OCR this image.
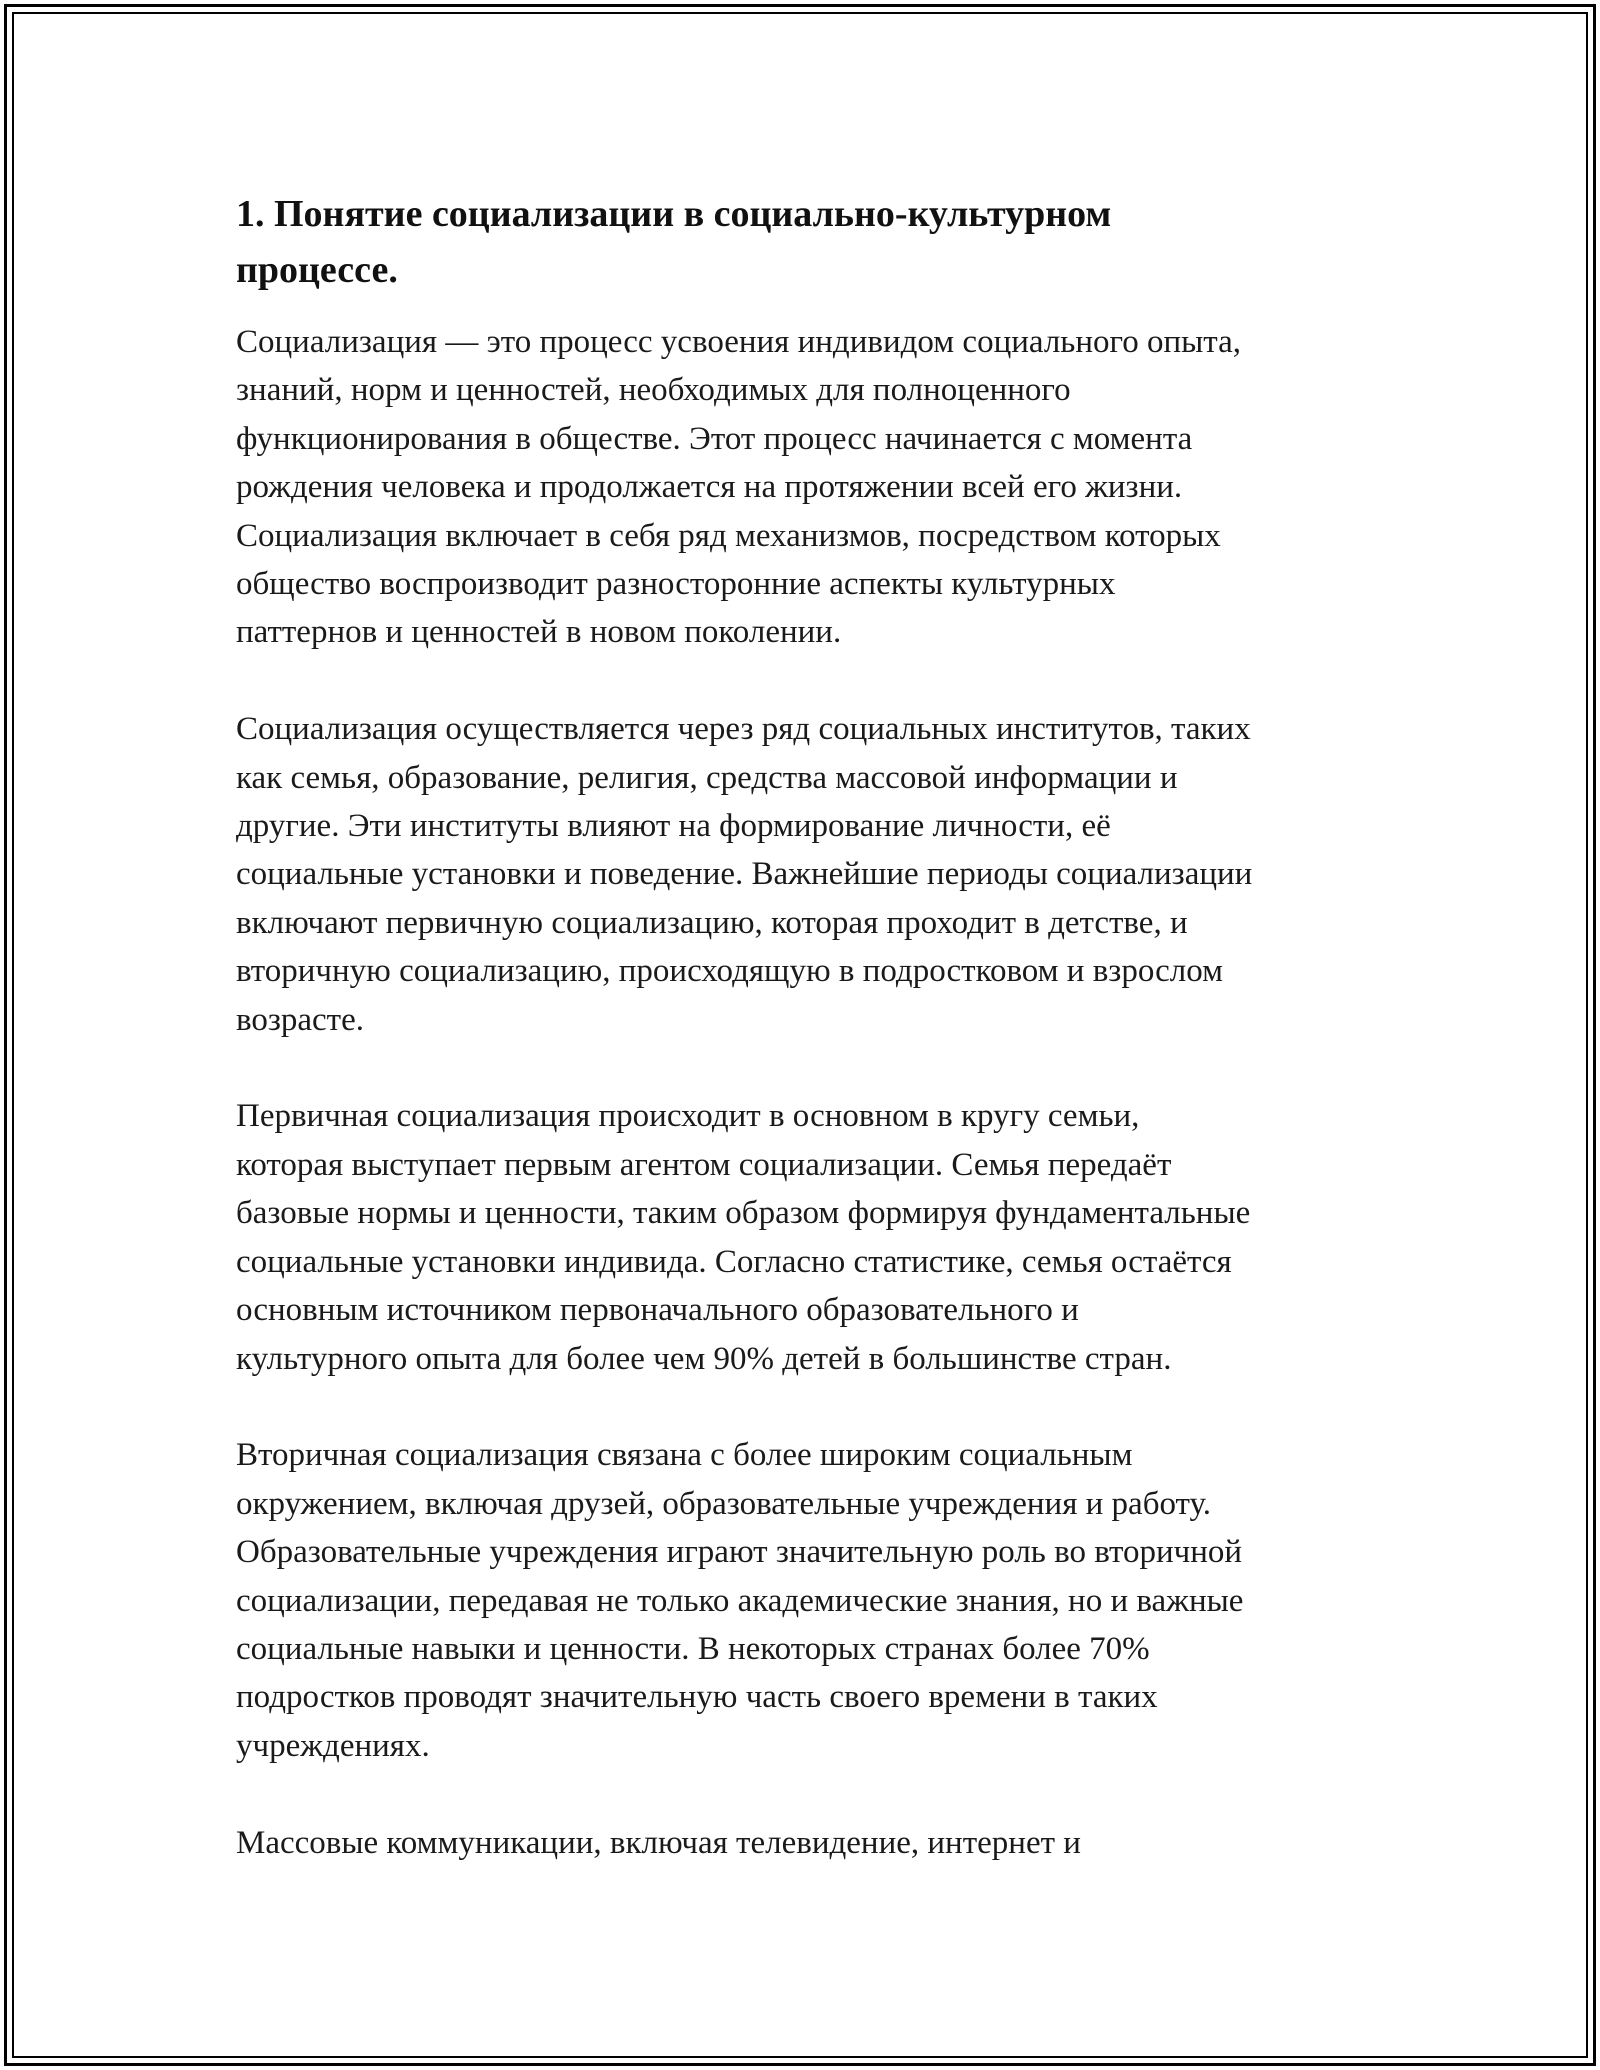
1. Понятие социализации в социально-культурном
процессе.

Социализация — это процесс усвоения индивидом социального опыта,
знаний, норм и ценностей, необходимых для полноценного
функционирования в обществе. Этот процесс начинается с момента
рождения человека и продолжается на протяжении всей его жизни.
Социализация включает в себя ряд механизмов, посредством которых
общество воспроизводит разносторонние аспекты культурных
паттернов и ценностей в новом поколении.

Социализация осуществляется через ряд социальных институтов, таких
как семья, образование, религия, средства массовой информации и
другие. Эти институты влияют на формирование личности, её
социальные установки и поведение. Важнейшие периоды социализации
включают первичную социализацию, которая проходит в детстве, и
вторичную социализацию, происходящую в подростковом и взрослом
возрасте.

Первичная социализация происходит в основном в кругу семьи,
которая выступает первым агентом социализации. Семья передаёт
базовые нормы и ценности, таким образом формируя фундаментальные
социальные установки индивида. Согласно статистике, семья остаётся
основным источником первоначального образовательного и
культурного опыта для более чем 90% детей в большинстве стран.

Вторичная социализация связана с более широким социальным
окружением, включая друзей, образовательные учреждения и работу.
Образовательные учреждения играют значительную роль во вторичной
социализации, передавая не только академические знания, но и важные
социальные навыки и ценности. В некоторых странах более 70%
подростков проводят значительную часть своего времени в таких
учреждениях.

Массовые коммуникации, включая телевидение, интернет и
